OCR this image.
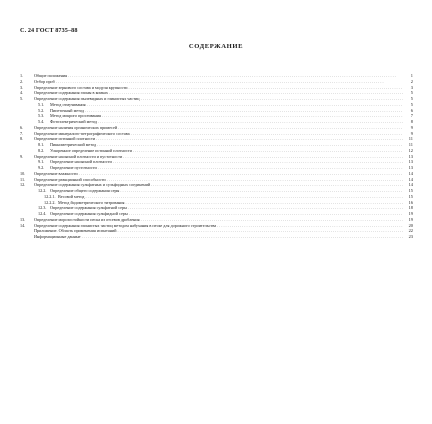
С. 24 ГОСТ 8735–88
СОДЕРЖАНИЕ
1.	Общие положения . . .	1
2.	Отбор проб . . .	2
3.	Определение зернового состава и модуля крупности . . .	3
4.	Определение содержания глины в комках . . .	5
5.	Определение содержания пылевидных и глинистых частиц . . .	5
5.1.	Метод отмучивания . . .	5
5.2.	Пипеточный метод . . .	6
5.3.	Метод мокрого просеивания . . .	7
5.4.	Фотоэлектрический метод . . .	8
6.	Определение наличия органических примесей . . .	9
7.	Определение минералого-петрографического состава . . .	9
8.	Определение истинной плотности . . .	11
8.1.	Пикнометрический метод . . .	11
8.2.	Ускоренное определение истинной плотности . . .	12
9.	Определение насыпной плотности и пустотности . . .	13
9.1.	Определение насыпной плотности . . .	13
9.2.	Определение пустотности . . .	13
10.	Определение влажности . . .	14
11.	Определение реакционной способности . . .	14
12.	Определение содержания сульфатных и сульфидных соединений . . .	14
12.2. Определение общего содержания серы . . .	15
12.2.1. Весовой метод . . .	15
12.2.2. Метод йодометрического титрования . . .	16
12.3. Определение содержания сульфатной серы . . .	18
12.4. Определение содержания сульфидной серы . . .	19
13.	Определение морозостойкости песка из отсевов дробления . . .	19
14.	Определение содержания глинистых частиц методом набухания в песке для дорожного строительства . . .	20
Приложение. Область применения испытаний . . .	22
Информационные данные . . .	23
